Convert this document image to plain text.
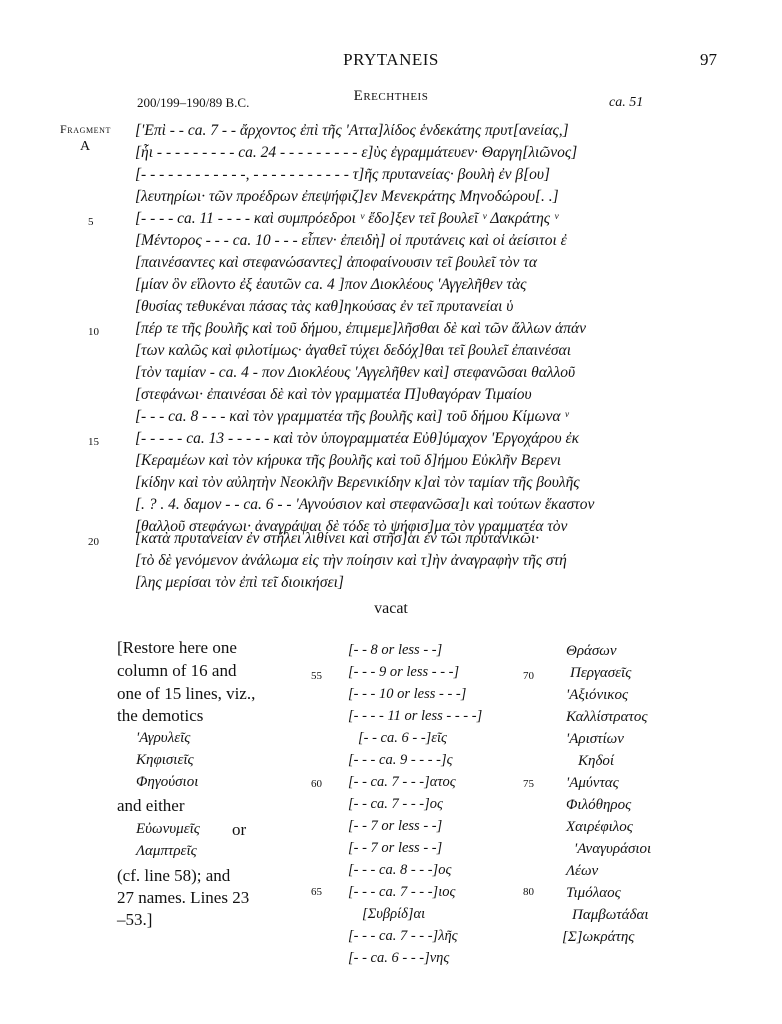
PRYTANEIS	97
200/199–190/89 B.C.	Erechtheis	ca. 51
Fragment
A
['Επὶ - - ca. 7 - - ἄρχοντος ἐπὶ τῆς 'Αττα]λίδος ἑνδεκάτης πρυτ[ανείας,]
[ἧι - - - - - - - - - ca. 24 - - - - - - - - - ε]ὺς ἐγραμμάτευεν· Θαργη[λιῶνος]
[- - - - - - - - - - - -, - - - - - - - - - - - τ]ῆς πρυτανείας· βουλὴ ἐν β[ου]
[λευτηρίωι· τῶν προέδρων ἐπεψήφιζ]εν Μενεκράτης Μηνοδώρου[. .]
5	[- - - - ca. 11 - - - - καὶ συμπρόεδροι ᵛ ἔδο]ξεν τεῖ βουλεῖ ᵛ Δακράτης ᵛ
[Μέντορος - - - ca. 10 - - - εἶπεν· ἐπειδὴ] οἱ πρυτάνεις καὶ οἱ ἀείσιτοι ἐ
[παινέσαντες καὶ στεφανώσαντες] ἀποφαίνουσιν τεῖ βουλεῖ τὸν τα
[μίαν ὃν εἵλοντο ἐξ ἑαυτῶν ca. 4 ]πον Διοκλέους 'Αγγελῆθεν τὰς
[θυσίας τεθυκέναι πάσας τὰς καθ]ηκούσας ἐν τεῖ πρυτανείαι ὑ
10 [πέρ τε τῆς βουλῆς καὶ τοῦ δήμου, ἐπιμεμε]λῆσθαι δὲ καὶ τῶν ἄλλων ἁπάν
[των καλῶς καὶ φιλοτίμως· ἀγαθεῖ τύχει δεδόχ]θαι τεῖ βουλεῖ ἐπαινέσαι
[τὸν ταμίαν - ca. 4 - πον Διοκλέους 'Αγγελῆθεν καὶ] στεφανῶσαι θαλλοῦ
[στεφάνωι· ἐπαινέσαι δὲ καὶ τὸν γραμματέα Π]υθαγόραν Τιμαίου
[- - - ca. 8 - - - καὶ τὸν γραμματέα τῆς βουλῆς καὶ] τοῦ δήμου Κίμωνα ᵛ
15 [- - - - - ca. 13 - - - - - καὶ τὸν ὑπογραμματέα Εὐθ]ύμαχον 'Εργοχάρου ἐκ
[Κεραμέων καὶ τὸν κήρυκα τῆς βουλῆς καὶ τοῦ δ]ήμου Εὐκλῆν Βερενι
[κίδην καὶ τὸν αὐλητὴν Νεοκλῆν Βερενικίδην κ]αὶ τὸν ταμίαν τῆς βουλῆς
[. ? . 4. δαμον - - ca. 6 - - 'Αγνούσιον καὶ στεφανῶσα]ι καὶ τούτων ἕκαστον
[θαλλοῦ στεφάνωι· ἀναγράψαι δὲ τόδε τὸ ψήφισ]μα τὸν γραμματέα τὸν
20 [κατὰ πρυτανείαν ἐν στήλει λιθίνει καὶ στῆσ]αι ἐν τῶι πρυτανικῶι·
[τὸ δὲ γενόμενον ἀνάλωμα εἰς τὴν ποίησιν καὶ τ]ὴν ἀναγραφὴν τῆς στή
[λης μερίσαι τὸν ἐπὶ τεῖ διοικήσει]
vacat
[Restore here one
column of 16 and
one of 15 lines, viz.,
the demotics
'Αγρυλεῖς
Κηφισιεῖς
Φηγούσιοι
and either
Εὐωνυμεῖς or
Λαμπτρεῖς
(cf. line 58); and
27 names. Lines 23
–53.]
55
60
65
[- - 8 or less - -]
[- - - 9 or less - - -]
[- - - 10 or less - - -]
[- - - - 11 or less - - - -]
[- - ca. 6 - -]εῖς
[- - - ca. 9 - - - -]ς
[- - ca. 7 - - -]ατος
[- - ca. 7 - - -]ος
[- - 7 or less - -]
[- - 7 or less - -]
[- - - ca. 8 - - -]ος
[- - - ca. 7 - - -]ιος
[Συβρίδ]αι
[- - - ca. 7 - - -]λῆς
[- - ca. 6 - - -]νης
70
75
80
Θράσων
Περγασεῖς
'Αξιόνικος
Καλλίστρατος
'Αριστίων
Κηδοί
'Αμύντας
Φιλόθηρος
Χαιρέφιλος
'Αναγυράσιοι
Λέων
Τιμόλαος
Παμβωτάδαι
[Σ]ωκράτης
